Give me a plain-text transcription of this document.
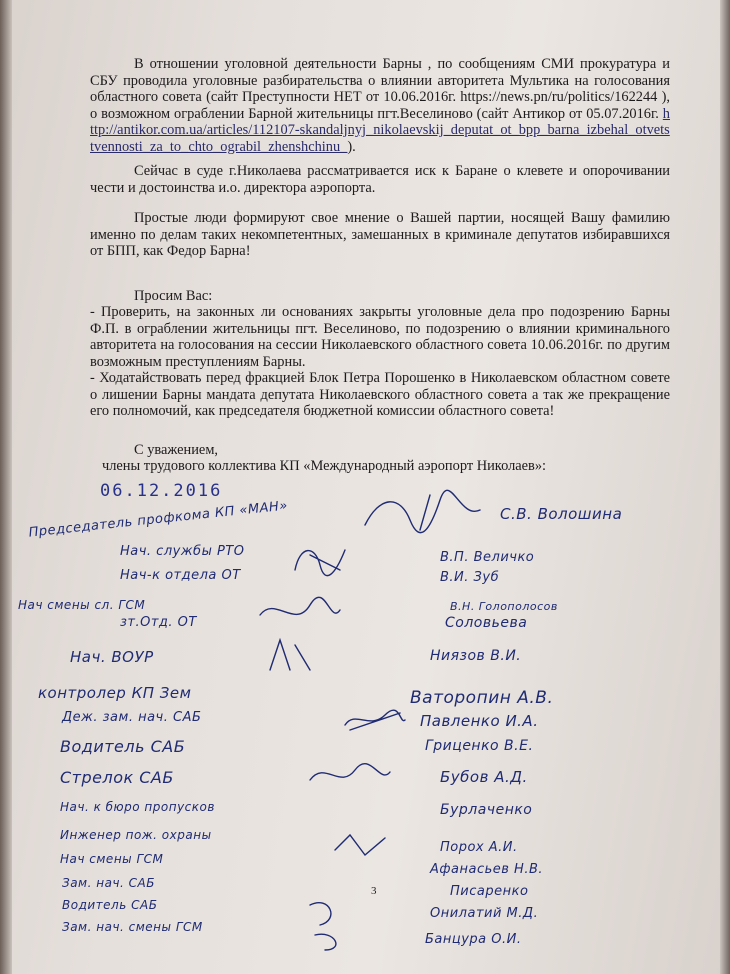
В отношении уголовной деятельности Барны , по сообщениям СМИ прокуратура и СБУ проводила уголовные разбирательства о влиянии авторитета Мультика на голосования областного совета (сайт Преступности НЕТ от 10.06.2016г. https://news.pn/ru/politics/162244 ), о возможном ограблении Барной жительницы пгт.Веселиново (сайт Антикор от 05.07.2016г. http://antikor.com.ua/articles/112107-skandaljnyj_nikolaevskij_deputat_ot_bpp_barna_izbehal_otvetstvennosti_za_to_chto_ograbil_zhenshchinu_).

Сейчас в суде г.Николаева рассматривается иск к Баране о клевете и опорочивании чести и достоинства и.о. директора аэропорта.

Простые люди формируют свое мнение о Вашей партии, носящей Вашу фамилию именно по делам таких некомпетентных, замешанных в криминале депутатов избиравшихся от БПП, как Федор Барна!

Просим Вас:

- Проверить, на законных ли основаниях закрыты уголовные дела про подозрению Барны Ф.П. в ограблении жительницы пгт. Веселиново, по подозрению о влиянии криминального авторитета на голосования на сессии Николаевского областного совета 10.06.2016г. по другим возможным преступлениям Барны.

- Ходатайствовать перед фракцией Блок Петра Порошенко в Николаевском областном совете о лишении Барны мандата депутата Николаевского областного совета а так же прекращение его полномочий, как председателя бюджетной комиссии областного совета!

С уважением,

члены трудового коллектива КП «Международный аэропорт Николаев»:

06.12.2016
Председатель профкома КП «МАН»
Нач. службы РТО
Нач-к отдела ОТ
Нач смены сл. ГСМ
зт.Отд. ОТ
Нач. ВОУР
контролер КП Зем
Деж. зам. нач. САБ
Водитель САБ
Стрелок САБ
Нач. к бюро пропусков
Инженер пож. охраны
Нач смены ГСМ
Зам. нач. САБ
Водитель САБ
Зам. нач. смены ГСМ
С.В. Волошина
В.П. Величко
В.И. Зуб
В.Н. Голополосов
Соловьева
Ниязов В.И.
Ваторопин А.В.
Павленко И.А.
Гриценко В.Е.
Бубов А.Д.
Бурлаченко
Порох А.И.
Афанасьев Н.В.
Писаренко
Онилатий М.Д.
Банцура О.И.
3
